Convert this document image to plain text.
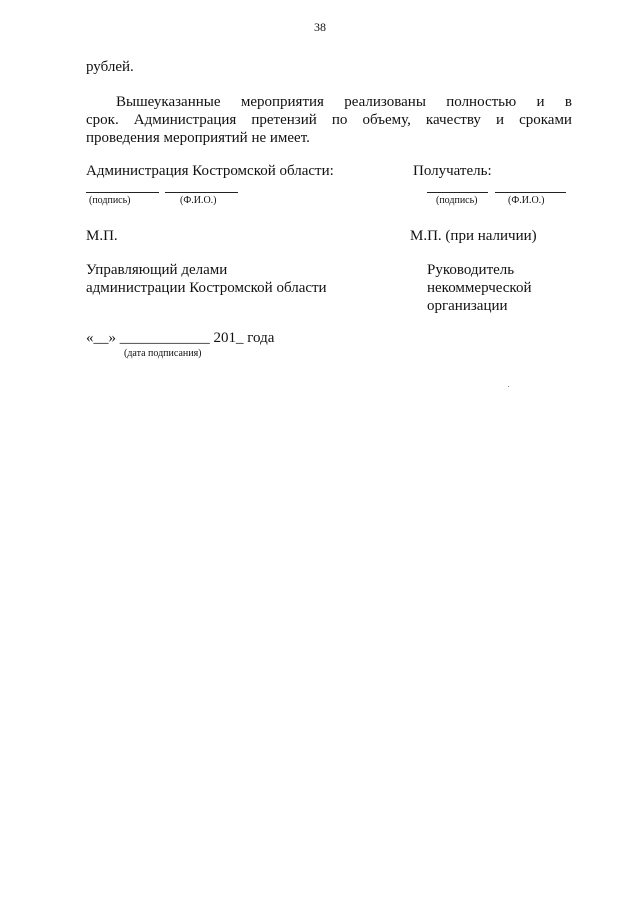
38
рублей.
Вышеуказанные мероприятия реализованы полностью и в
срок. Администрация претензий по объему, качеству и сроками
проведения мероприятий не имеет.
Администрация Костромской области:
(подпись)	(Ф.И.О.)
Получатель:
(подпись)	(Ф.И.О.)
М.П.	М.П. (при наличии)
Управляющий делами
администрации Костромской области
Руководитель
некоммерческой
организации
«__» ____________ 201_ года
(дата подписания)
